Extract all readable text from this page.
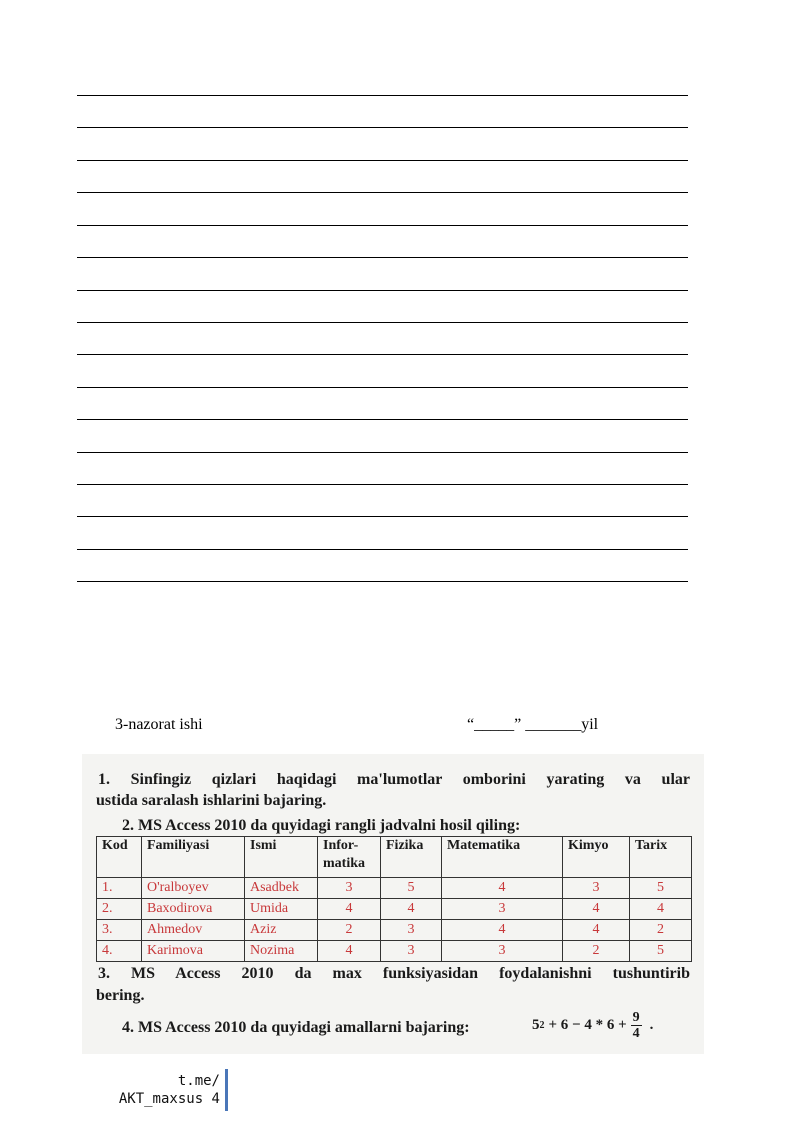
3-nazorat ishi	“_____” _______yil
1. Sinfingiz qizlari haqidagi ma'lumotlar omborini yarating va ular
ustida saralash ishlarini bajaring.
2. MS Access 2010 da quyidagi rangli jadvalni hosil qiling:
Kod	Familiyasi	Ismi	Infor-matika	Fizika	Matematika	Kimyo	Tarix
1.	O'ralboyev	Asadbek	3	5	4	3	5
2.	Baxodirova	Umida	4	4	3	4	4
3.	Ahmedov	Aziz	2	3	4	4	2
4.	Karimova	Nozima	4	3	3	2	5
3. MS Access 2010 da max funksiyasidan foydalanishni tushuntirib
bering.
4. MS Access 2010 da quyidagi amallarni bajaring:	5 $2 + 6 - 4 * 6 + \frac{9}{4}$ .
t.me/
AKT_maxsus 4
